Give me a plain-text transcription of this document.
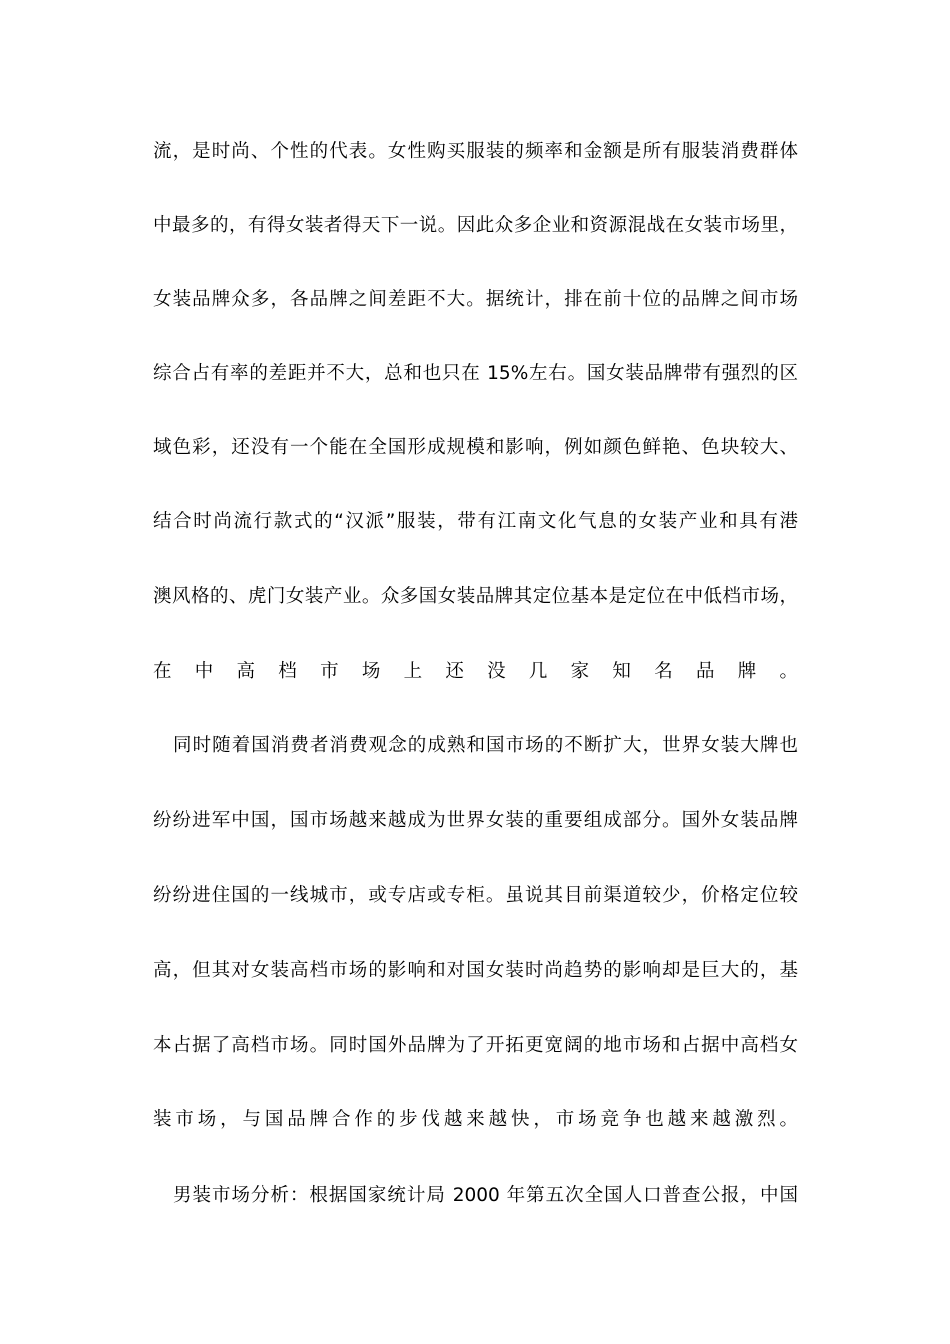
流，是时尚、个性的代表。女性购买服装的频率和金额是所有服装消费群体

中最多的，有得女装者得天下一说。因此众多企业和资源混战在女装市场里，

女装品牌众多，各品牌之间差距不大。据统计，排在前十位的品牌之间市场

综合占有率的差距并不大，总和也只在 15%左右。国女装品牌带有强烈的区

域色彩，还没有一个能在全国形成规模和影响，例如颜色鲜艳、色块较大、

结合时尚流行款式的“汉派”服装，带有江南文化气息的女装产业和具有港

澳风格的、虎门女装产业。众多国女装品牌其定位基本是定位在中低档市场，

在中高档市场上还没几家知名品牌。

同时随着国消费者消费观念的成熟和国市场的不断扩大，世界女装大牌也

纷纷进军中国，国市场越来越成为世界女装的重要组成部分。国外女装品牌

纷纷进住国的一线城市，或专店或专柜。虽说其目前渠道较少，价格定位较

高，但其对女装高档市场的影响和对国女装时尚趋势的影响却是巨大的，基

本占据了高档市场。同时国外品牌为了开拓更宽阔的地市场和占据中高档女

装市场，与国品牌合作的步伐越来越快，市场竞争也越来越激烈。

男装市场分析：根据国家统计局 2000 年第五次全国人口普查公报，中国
